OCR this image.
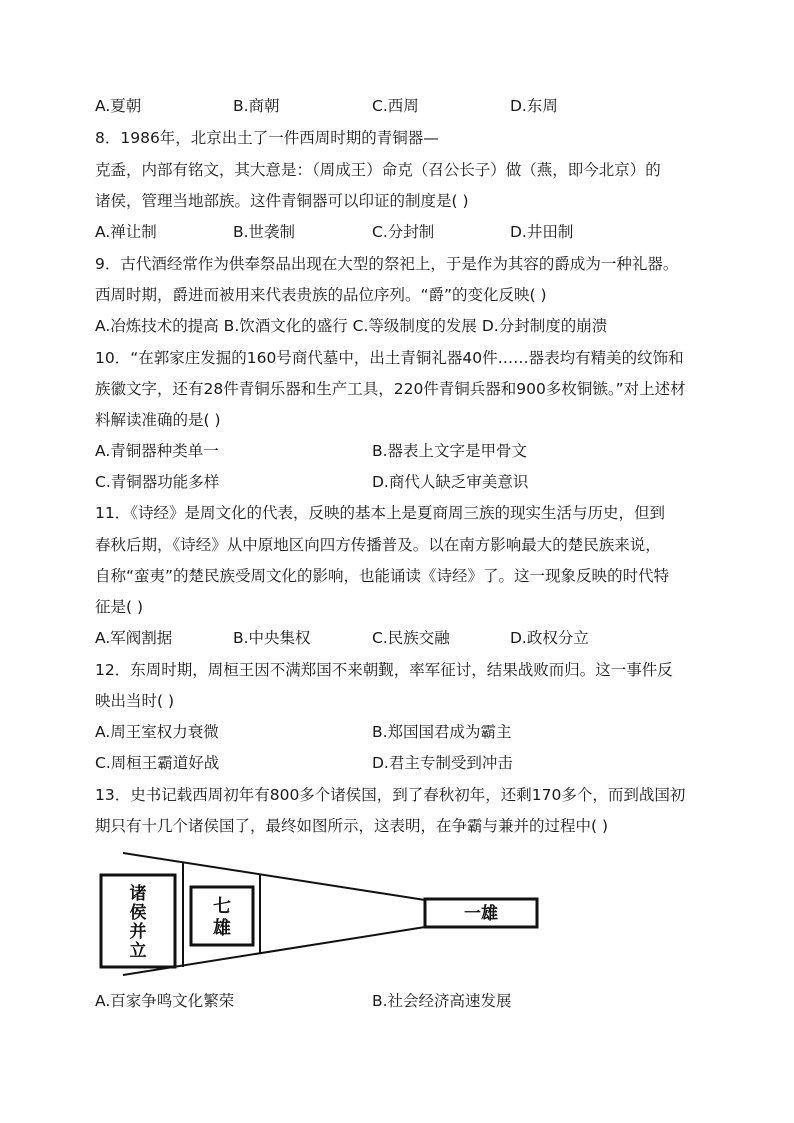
A.夏朝	B.商朝	C.西周	D.东周
8．1986年，北京出土了一件西周时期的青铜器—
克盉，内部有铭文，其大意是：（周成王）命克（召公长子）做（燕，即今北京）的
诸侯，管理当地部族。这件青铜器可以印证的制度是( )
A.禅让制	B.世袭制	C.分封制	D.井田制
9．古代酒经常作为供奉祭品出现在大型的祭祀上，于是作为其容的爵成为一种礼器。
西周时期，爵进而被用来代表贵族的品位序列。“爵”的变化反映( )
A.冶炼技术的提高 B.饮酒文化的盛行 C.等级制度的发展 D.分封制度的崩溃
10．“在郭家庄发掘的160号商代墓中，出土青铜礼器40件……器表均有精美的纹饰和
族徽文字，还有28件青铜乐器和生产工具，220件青铜兵器和900多枚铜镞。”对上述材
料解读准确的是( )
A.青铜器种类单一	B.器表上文字是甲骨文
C.青铜器功能多样	D.商代人缺乏审美意识
11．《诗经》是周文化的代表，反映的基本上是夏商周三族的现实生活与历史，但到
春秋后期，《诗经》从中原地区向四方传播普及。以在南方影响最大的楚民族来说，
自称“蛮夷”的楚民族受周文化的影响，也能诵读《诗经》了。这一现象反映的时代特
征是( )
A.军阀割据	B.中央集权	C.民族交融	D.政权分立
12．东周时期，周桓王因不满郑国不来朝觐，率军征讨，结果战败而归。这一事件反
映出当时( )
A.周王室权力衰微	B.郑国国君成为霸主
C.周桓王霸道好战	D.君主专制受到冲击
13．史书记载西周初年有800多个诸侯国，到了春秋初年，还剩170多个，而到战国初
期只有十几个诸侯国了，最终如图所示，这表明，在争霸与兼并的过程中( )
诸
侯
并
立
七
雄
一雄
A.百家争鸣文化繁荣	B.社会经济高速发展
